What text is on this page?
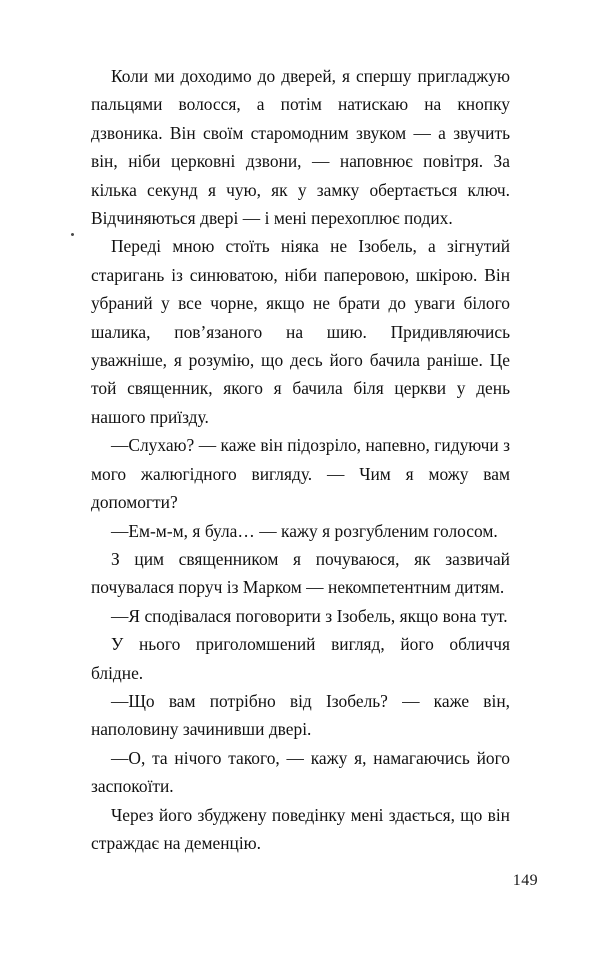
Коли ми доходимо до дверей, я спершу пригладжую пальцями волосся, а потім натискаю на кнопку дзвоника. Він своїм старомодним звуком — а звучить він, ніби церковні дзвони, — наповнює повітря. За кілька секунд я чую, як у замку обертається ключ. Відчиняються двері — і мені перехоплює подих.

Переді мною стоїть ніяка не Ізобель, а зігнутий старигань із синюватою, ніби паперовою, шкірою. Він убраний у все чорне, якщо не брати до уваги білого шалика, пов’язаного на шию. Придивляючись уважніше, я розумію, що десь його бачила раніше. Це той священник, якого я бачила біля церкви у день нашого приїзду.

—Слухаю? — каже він підозріло, напевно, гидуючи з мого жалюгідного вигляду. — Чим я можу вам допомогти?

—Ем-м-м, я була… — кажу я розгубленим голосом.

З цим священником я почуваюся, як зазвичай почувалася поруч із Марком — некомпетентним дитям.

—Я сподівалася поговорити з Ізобель, якщо вона тут.

У нього приголомшений вигляд, його обличчя блідне.

—Що вам потрібно від Ізобель? — каже він, наполовину зачинивши двері.

—О, та нічого такого, — кажу я, намагаючись його заспокоїти.

Через його збуджену поведінку мені здається, що він страждає на деменцію.

149
